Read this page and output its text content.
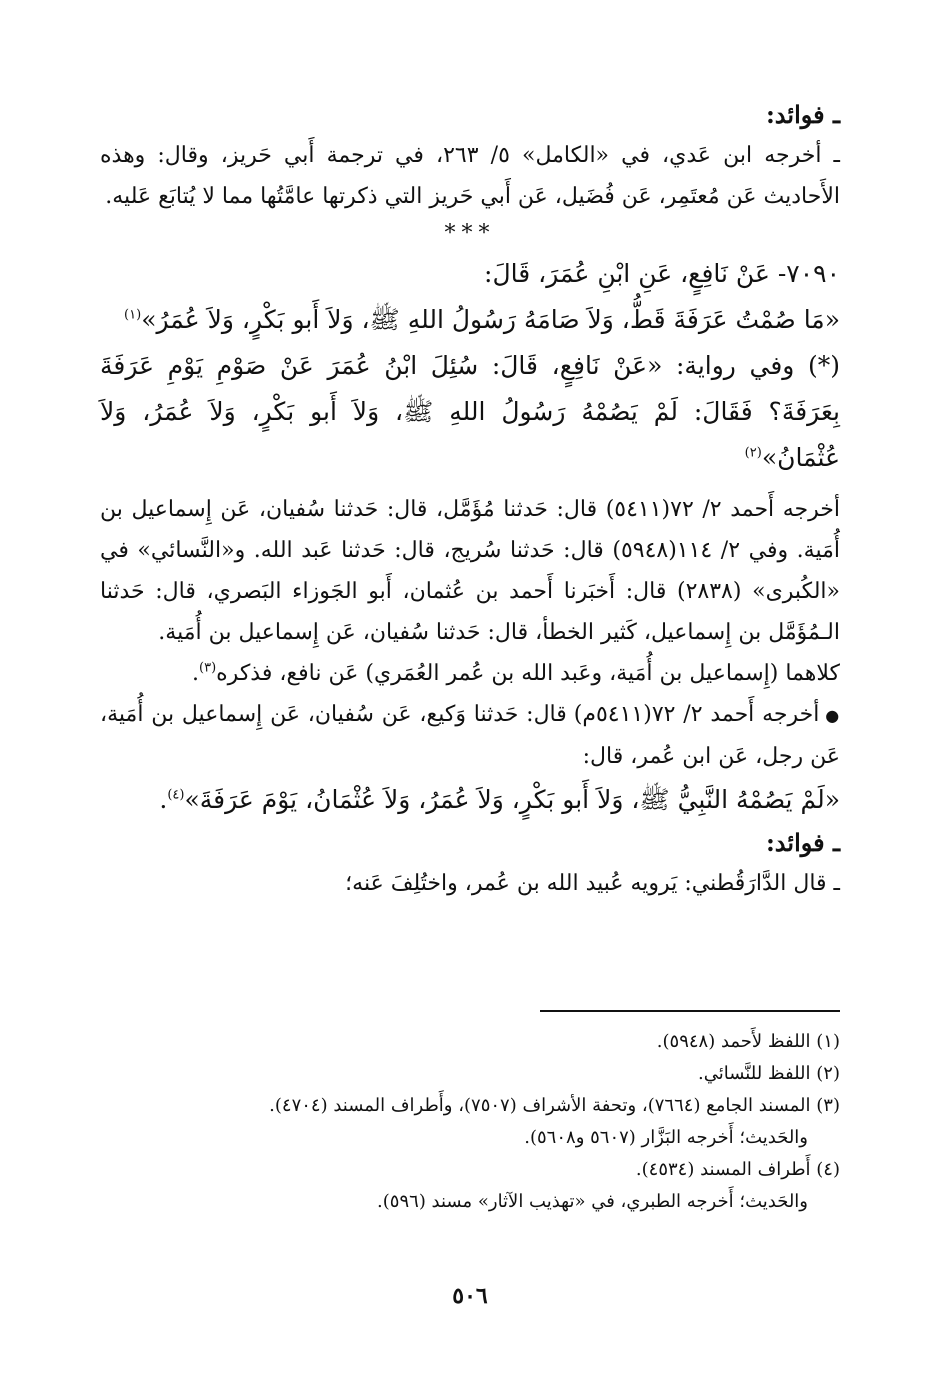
ـ فوائد:

ـ أخرجه ابن عَدي، في «الكامل» ٥/ ٢٦٣، في ترجمة أَبي حَريز، وقال: وهذه الأَحاديث عَن مُعتَمِر، عَن فُضَيل، عَن أَبي حَريز التي ذكرتها عامَّتُها مما لا يُتابَع عَليه.

***

٧٠٩٠- عَنْ نَافِعٍ، عَنِ ابْنِ عُمَرَ، قَالَ:

«مَا صُمْتُ عَرَفَةَ قَطُّ، وَلاَ صَامَهُ رَسُولُ اللهِ ﷺ، وَلاَ أَبو بَكْرٍ، وَلاَ عُمَرُ»$^{(١)}$

(*) وفي رواية: «عَنْ نَافِعٍ، قَالَ: سُئِلَ ابْنُ عُمَرَ عَنْ صَوْمِ يَوْمِ عَرَفَةَ بِعَرَفَةَ؟ فَقَالَ: لَمْ يَصُمْهُ رَسُولُ اللهِ ﷺ، وَلاَ أَبو بَكْرٍ، وَلاَ عُمَرُ، وَلاَ عُثْمَانُ»$^{(٢)}$

أخرجه أَحمد ٢/ ٧٢(٥٤١١) قال: حَدثنا مُؤَمَّل، قال: حَدثنا سُفيان، عَن إِسماعيل بن أُمَية. وفي ٢/ ١١٤(٥٩٤٨) قال: حَدثنا سُريج، قال: حَدثنا عَبد الله. و«النَّسائي» في «الكُبرى» (٢٨٣٨) قال: أَخبَرنا أَحمد بن عُثمان، أَبو الجَوزاء البَصري، قال: حَدثنا الـمُؤَمَّل بن إِسماعيل، كَثير الخطأ، قال: حَدثنا سُفيان، عَن إِسماعيل بن أُمَية.

كلاهما (إِسماعيل بن أُمَية، وعَبد الله بن عُمر العُمَري) عَن نافع، فذكره$^{(٣)}$.

● أخرجه أَحمد ٢/ ٧٢(٥٤١١م) قال: حَدثنا وَكيع، عَن سُفيان، عَن إِسماعيل بن أُمَية، عَن رجل، عَن ابن عُمر، قال:

«لَمْ يَصُمْهُ النَّبِيُّ ﷺ، وَلاَ أَبو بَكْرٍ، وَلاَ عُمَرُ، وَلاَ عُثْمَانُ، يَوْمَ عَرَفَةَ»$^{(٤)}$.

ـ فوائد:

ـ قال الدَّارَقُطني: يَرويه عُبيد الله بن عُمر، واختُلِفَ عَنه؛

(١) اللفظ لأَحمد (٥٩٤٨).

(٢) اللفظ للنَّسائي.

(٣) المسند الجامع (٧٦٦٤)، وتحفة الأشراف (٧٥٠٧)، وأَطراف المسند (٤٧٠٤).

والحَديث؛ أَخرجه البَزَّار (٥٦٠٧ و٥٦٠٨).

(٤) أَطراف المسند (٤٥٣٤).

والحَديث؛ أَخرجه الطبري، في «تهذيب الآثار» مسند (٥٩٦).

٥٠٦
